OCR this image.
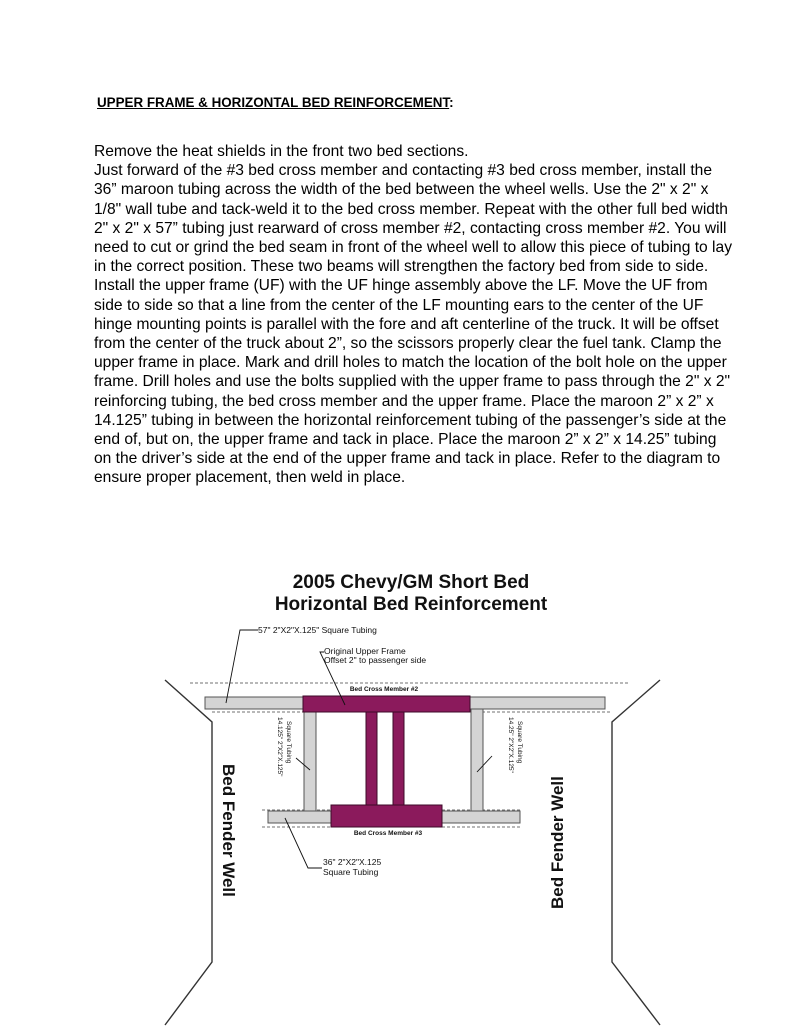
UPPER FRAME & HORIZONTAL BED REINFORCEMENT:

Remove the heat shields in the front two bed sections.

Just forward of the #3 bed cross member and contacting #3 bed cross member, install the 36” maroon tubing across the width of the bed between the wheel wells. Use the 2" x 2" x 1/8" wall tube and tack-weld it to the bed cross member. Repeat with the other full bed width 2" x 2" x 57” tubing just rearward of cross member #2, contacting cross member #2. You will need to cut or grind the bed seam in front of the wheel well to allow this piece of tubing to lay in the correct position. These two beams will strengthen the factory bed from side to side. Install the upper frame (UF) with the UF hinge assembly above the LF. Move the UF from side to side so that a line from the center of the LF mounting ears to the center of the UF hinge mounting points is parallel with the fore and aft centerline of the truck. It will be offset from the center of the truck about 2”, so the scissors properly clear the fuel tank. Clamp the upper frame in place. Mark and drill holes to match the location of the bolt hole on the upper frame. Drill holes and use the bolts supplied with the upper frame to pass through the 2" x 2" reinforcing tubing, the bed cross member and the upper frame. Place the maroon 2” x 2” x 14.125” tubing in between the horizontal reinforcement tubing of the passenger’s side at the end of, but on, the upper frame and tack in place. Place the maroon 2” x 2” x 14.25” tubing on the driver’s side at the end of the upper frame and tack in place. Refer to the diagram to ensure proper placement, then weld in place.

2005 Chevy/GM Short Bed
Horizontal Bed Reinforcement
57" 2"X2"X.125" Square Tubing
Original Upper Frame
Offset 2" to passenger side
Bed Cross Member #2
Bed Cross Member #3
14.125" 2"X2"X.125" Square Tubing	14.25" 2"X2"X.125" Square Tubing
36" 2"X2"X.125
Square Tubing
Bed Fender Well	Bed Fender Well
